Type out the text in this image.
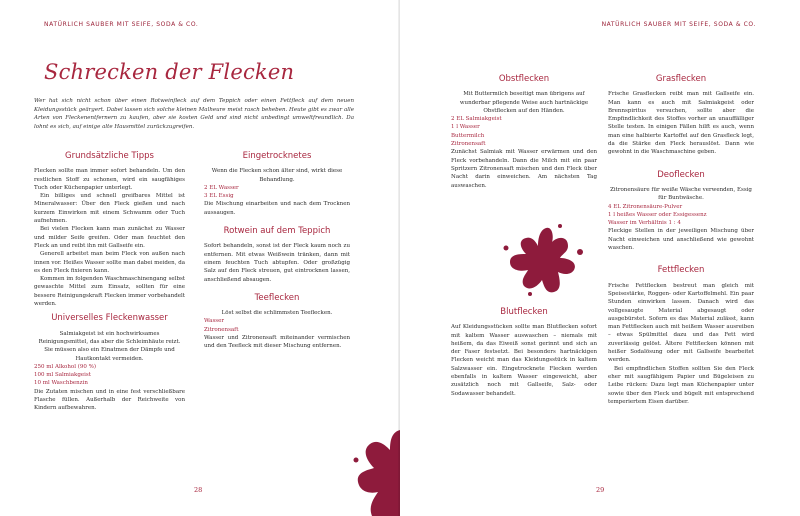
NATÜRLICH SAUBER MIT SEIFE, SODA & CO.
Schrecken der Flecken
Wer hat sich nicht schon über einen Rotweinfleck auf dem Teppich oder einen Fettfleck auf dem neuen Kleidungsstück geärgert. Dabei lassen sich solche kleinen Malheure meist rasch beheben. Heute gibt es zwar alle Arten von Fleckenentfernern zu kaufen, aber sie kosten Geld und sind nicht unbedingt umweltfreundlich. Da lohnt es sich, auf einige alte Hausmittel zurückzugreifen.
Grundsätzliche Tipps

Flecken sollte man immer sofort behandeln. Um den restlichen Stoff zu schonen, wird ein saugfähiges Tuch oder Küchenpapier unterlegt.

Ein billiges und schnell greifbares Mittel ist Mineralwasser: Über den Fleck gießen und nach kurzem Einwirken mit einem Schwamm oder Tuch aufnehmen.

Bei vielen Flecken kann man zunächst zu Wasser und milder Seife greifen. Oder man feuchtet den Fleck an und reibt ihn mit Gallseife ein.

Generell arbeitet man beim Fleck von außen nach innen vor. Heißes Wasser sollte man dabei meiden, da es den Fleck fixieren kann.

Kommen im folgenden Waschmaschinengang selbst gewaschte Mittel zum Einsatz, sollten für eine bessere Reinigungskraft Flecken immer vorbehandelt werden.

Universelles Fleckenwasser

Salmiakgeist ist ein hochwirksames Reinigungsmittel, das aber die Schleimhäute reizt. Sie müssen also ein Einatmen der Dämpfe und Hautkontakt vermeiden.

250 ml Alkohol (90 %)

100 ml Salmiakgeist

10 ml Waschbenzin

Die Zutaten mischen und in eine fest verschließbare Flasche füllen. Außerhalb der Reichweite von Kindern aufbewahren.

Eingetrocknetes

Wenn die Flecken schon älter sind, wirkt diese Behandlung.

2 EL Wasser

3 EL Essig

Die Mischung einarbeiten und nach dem Trocknen aussaugen.

Rotwein auf dem Teppich

Sofort behandeln, sonst ist der Fleck kaum noch zu entfernen. Mit etwas Weißwein tränken, dann mit einem feuchten Tuch abtupfen. Oder großzügig Salz auf den Fleck streuen, gut eintrocknen lassen, anschließend absaugen.

Teeflecken

Löst selbst die schlimmsten Teeflecken.

Wasser

Zitronensaft

Wasser und Zitronensaft miteinander vermischen und den Teefleck mit dieser Mischung entfernen.

28
NATÜRLICH SAUBER MIT SEIFE, SODA & CO.
Obstflecken

Mit Buttermilch beseitigt man übrigens auf wunderbar pflegende Weise auch hartnäckige Obstflecken auf den Händen.

2 EL Salmiakgeist

1 l Wasser

Buttermilch

Zitronensaft

Zunächst Salmiak mit Wasser erwärmen und den Fleck vorbehandeln. Dann die Milch mit ein paar Spritzern Zitronensaft mischen und den Fleck über Nacht darin einweichen. Am nächsten Tag auswaschen.

Blutflecken

Auf Kleidungsstücken sollte man Blutflecken sofort mit kaltem Wasser auswaschen – niemals mit heißem, da das Eiweiß sonst gerinnt und sich an der Faser festsetzt. Bei besonders hartnäckigen Flecken weicht man das Kleidungsstück in kaltem Salzwasser ein. Eingetrocknete Flecken werden ebenfalls in kaltem Wasser eingeweicht, aber zusätzlich noch mit Gallseife, Salz- oder Sodawasser behandelt.

Grasflecken

Frische Grasflecken reibt man mit Gallseife ein. Man kann es auch mit Salmiakgeist oder Brennspiritus versuchen, sollte aber die Empfindlichkeit des Stoffes vorher an unauffälliger Stelle testen. In einigen Fällen hilft es auch, wenn man eine halbierte Kartoffel auf den Grasfleck legt, da die Stärke den Fleck herauslöst. Dann wie gewohnt in die Waschmaschine geben.

Deoflecken

Zitronensäure für weiße Wäsche verwenden, Essig für Buntwäsche.

4 EL Zitronensäure-Pulver

1 l heißes Wasser oder Essigessenz

Wasser im Verhältnis 1 : 4

Fleckige Stellen in der jeweiligen Mischung über Nacht einweichen und anschließend wie gewohnt waschen.

Fettflecken

Frische Fettflecken bestreut man gleich mit Speisestärke, Roggen- oder Kartoffelmehl. Ein paar Stunden einwirken lassen. Danach wird das vollgesaugte Material abgesaugt oder ausgebürstet. Sofern es das Material zulässt, kann man Fettflecken auch mit heißem Wasser ausreiben – etwas Spülmittel dazu und das Fett wird zuverlässig gelöst. Ältere Fettflecken können mit heißer Sodalösung oder mit Gallseife bearbeitet werden.

Bei empfindlichen Stoffen sollten Sie den Fleck eher mit saugfähigem Papier und Bügeleisen zu Leibe rücken: Dazu legt man Küchenpapier unter sowie über den Fleck und bügelt mit entsprechend temperiertem Eisen darüber.

29
